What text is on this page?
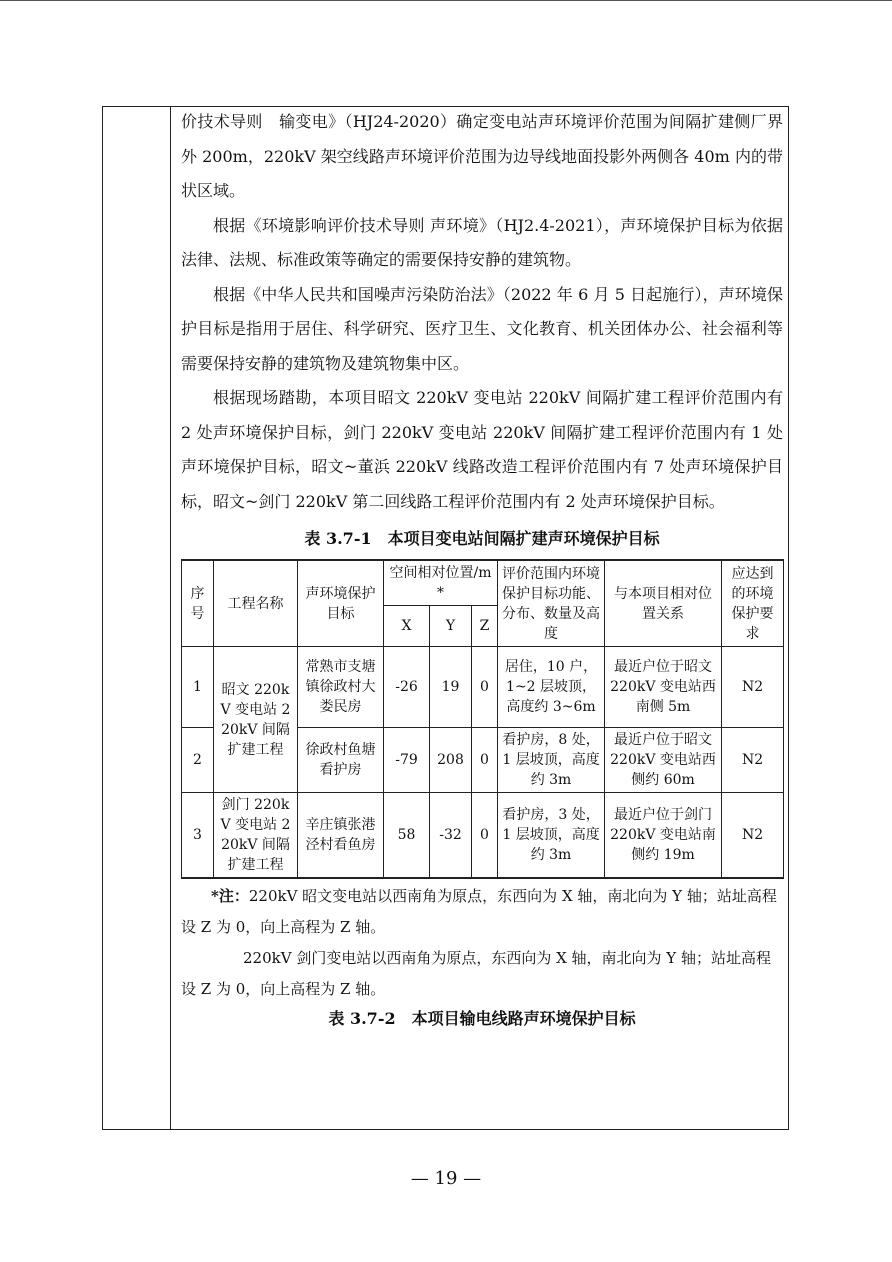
价技术导则　输变电》（HJ24-2020）确定变电站声环境评价范围为间隔扩建侧厂界外 200m，220kV 架空线路声环境评价范围为边导线地面投影外两侧各 40m 内的带状区域。

根据《环境影响评价技术导则 声环境》（HJ2.4-2021），声环境保护目标为依据法律、法规、标准政策等确定的需要保持安静的建筑物。

根据《中华人民共和国噪声污染防治法》（2022 年 6 月 5 日起施行），声环境保护目标是指用于居住、科学研究、医疗卫生、文化教育、机关团体办公、社会福利等需要保持安静的建筑物及建筑物集中区。

根据现场踏勘，本项目昭文 220kV 变电站 220kV 间隔扩建工程评价范围内有 2 处声环境保护目标，剑门 220kV 变电站 220kV 间隔扩建工程评价范围内有 1 处声环境保护目标，昭文~董浜 220kV 线路改造工程评价范围内有 7 处声环境保护目标，昭文~剑门 220kV 第二回线路工程评价范围内有 2 处声环境保护目标。

表 3.7-1　本项目变电站间隔扩建声环境保护目标
序号	工程名称	声环境保护目标	空间相对位置/m*			评价范围内环境保护目标功能、分布、数量及高度	与本项目相对位置关系	应达到的环境保护要求
			X	Y	Z			
1	昭文 220kV 变电站 220kV 间隔扩建工程	常熟市支塘镇徐政村大娄民房	-26	19	0	居住，10 户，1~2 层坡顶，高度约 3~6m	最近户位于昭文 220kV 变电站西南侧 5m	N2
2		徐政村鱼塘看护房	-79	208	0	看护房，8 处，1 层坡顶，高度约 3m	最近户位于昭文 220kV 变电站西侧约 60m	N2
3	剑门 220kV 变电站 220kV 间隔扩建工程	辛庄镇张港泾村看鱼房	58	-32	0	看护房，3 处，1 层坡顶，高度约 3m	最近户位于剑门 220kV 变电站南侧约 19m	N2

*注：220kV 昭文变电站以西南角为原点，东西向为 X 轴，南北向为 Y 轴；站址高程设 Z 为 0，向上高程为 Z 轴。

220kV 剑门变电站以西南角为原点，东西向为 X 轴，南北向为 Y 轴；站址高程设 Z 为 0，向上高程为 Z 轴。

表 3.7-2　本项目输电线路声环境保护目标
— 19 —
